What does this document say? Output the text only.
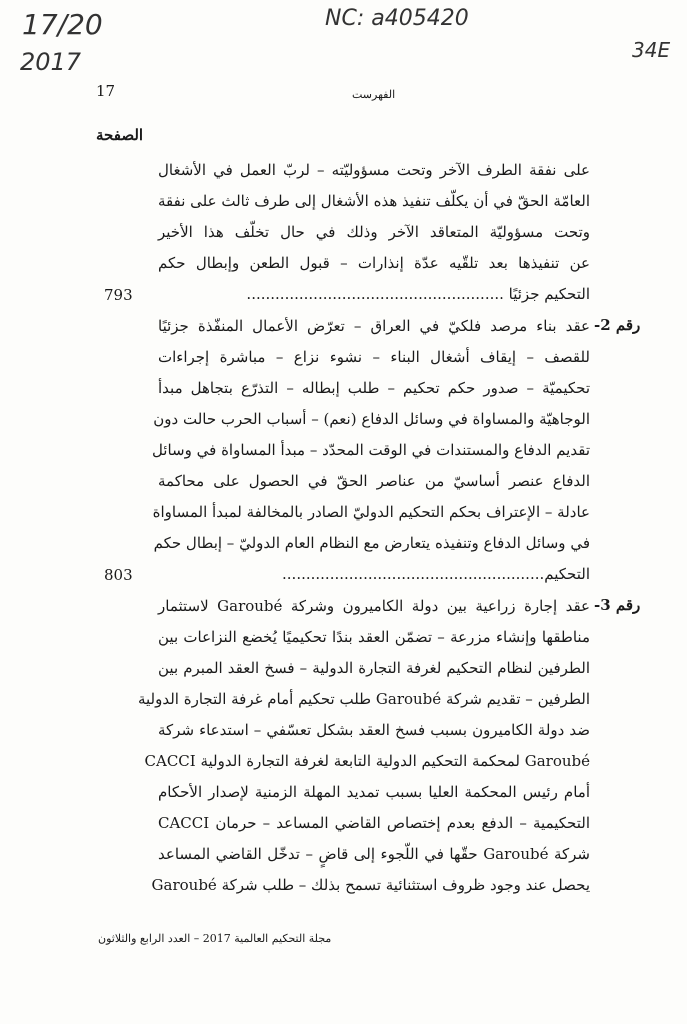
17/20
2017
NC: a405420
34E
17	الفهرست
الصفحة
على نفقة الطرف الآخر وتحت مسؤوليّته – لربّ العمل في الأشغال
العامّة الحقّ في أن يكلّف تنفيذ هذه الأشغال إلى طرف ثالث على نفقة
وتحت مسؤوليّة المتعاقد الآخر وذلك في حال تخلّف هذا الأخير
عن تنفيذها بعد تلقّيه عدّة إنذارات – قبول الطعن وإبطال حكم
التحكيم جزئيًا ......................................................
793
رقم 2-
عقد بناء مرصد فلكيّ في العراق – تعرّض الأعمال المنفّذة جزئيًا
للقصف – إيقاف أشغال البناء – نشوء نزاع – مباشرة إجراءات
تحكيميّة – صدور حكم تحكيم – طلب إبطاله – التذرّع بتجاهل مبدأ
الوجاهيّة والمساواة في وسائل الدفاع (نعم) – أسباب الحرب حالت دون
تقديم الدفاع والمستندات في الوقت المحدّد – مبدأ المساواة في وسائل
الدفاع عنصر أساسيّ من عناصر الحقّ في الحصول على محاكمة
عادلة – الإعتراف بحكم التحكيم الدوليّ الصادر بالمخالفة لمبدأ المساواة
في وسائل الدفاع وتنفيذه يتعارض مع النظام العام الدوليّ – إبطال حكم
التحكيم.......................................................
803
رقم 3-
عقد إجارة زراعية بين دولة الكاميرون وشركة Garoubé لاستثمار
مناطقها وإنشاء مزرعة – تضمّن العقد بندًا تحكيميًا يُخضع النزاعات بين
الطرفين لنظام التحكيم لغرفة التجارة الدولية – فسخ العقد المبرم بين
الطرفين – تقديم شركة Garoubé طلب تحكيم أمام غرفة التجارة الدولية
ضد دولة الكاميرون بسبب فسخ العقد بشكل تعسّفي – استدعاء شركة
Garoubé لمحكمة التحكيم الدولية التابعة لغرفة التجارة الدولية CACCI
أمام رئيس المحكمة العليا بسبب تمديد المهلة الزمنية لإصدار الأحكام
التحكيمية – الدفع بعدم إختصاص القاضي المساعد – حرمان CACCI
شركة Garoubé حقّها في اللّجوء إلى قاضٍ – تدخّل القاضي المساعد
يحصل عند وجود ظروف استثنائية تسمح بذلك – طلب شركة Garoubé
مجلة التحكيم العالمية 2017 – العدد الرابع والثلاثون
